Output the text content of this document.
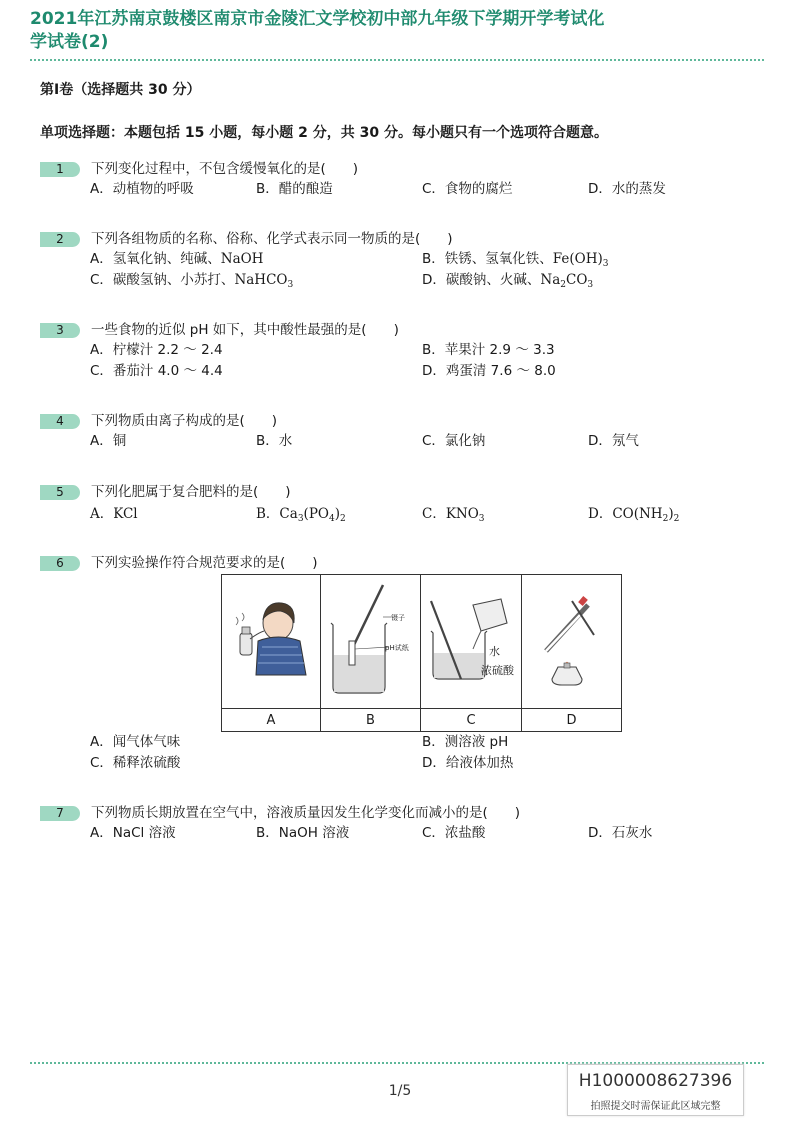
2021年江苏南京鼓楼区南京市金陵汇文学校初中部九年级下学期开学考试化
学试卷(2)
第Ⅰ卷（选择题共 30 分）
单项选择题：本题包括 15 小题，每小题 2 分，共 30 分。每小题只有一个选项符合题意。
1	下列变化过程中，不包含缓慢氧化的是(　　)
A．动植物的呼吸	B．醋的酿造	C．食物的腐烂	D．水的蒸发
2	下列各组物质的名称、俗称、化学式表示同一物质的是(　　)
A．氢氧化钠、纯碱、NaOH	B．铁锈、氢氧化铁、$Fe(OH)_3$
C．碳酸氢钠、小苏打、NaHCO$_3$	D．碳酸钠、火碱、$Na_2CO_3$
3	一些食物的近似 pH 如下，其中酸性最强的是(　　)
A．柠檬汁 2.2 ～ 2.4	B．苹果汁 2.9 ～ 3.3
C．番茄汁 4.0 ～ 4.4	D．鸡蛋清 7.6 ～ 8.0
4	下列物质由离子构成的是(　　)
A．铜	B．水	C．氯化钠	D．氖气
5	下列化肥属于复合肥料的是(　　)
A．KCl	B．$Ca_3(PO_4)_2$	C．$KNO_3$	D．$CO(NH_2)_2$
6	下列实验操作符合规范要求的是(　　)
镊子
pH试纸	水
浓硫酸
A	B	C	D
A．闻气体气味	B．测溶液 pH
C．稀释浓硫酸	D．给液体加热
7	下列物质长期放置在空气中，溶液质量因发生化学变化而减小的是(　　)
A．NaCl 溶液	B．NaOH 溶液	C．浓盐酸	D．石灰水
1/5	H1000008627396
拍照提交时需保证此区域完整
